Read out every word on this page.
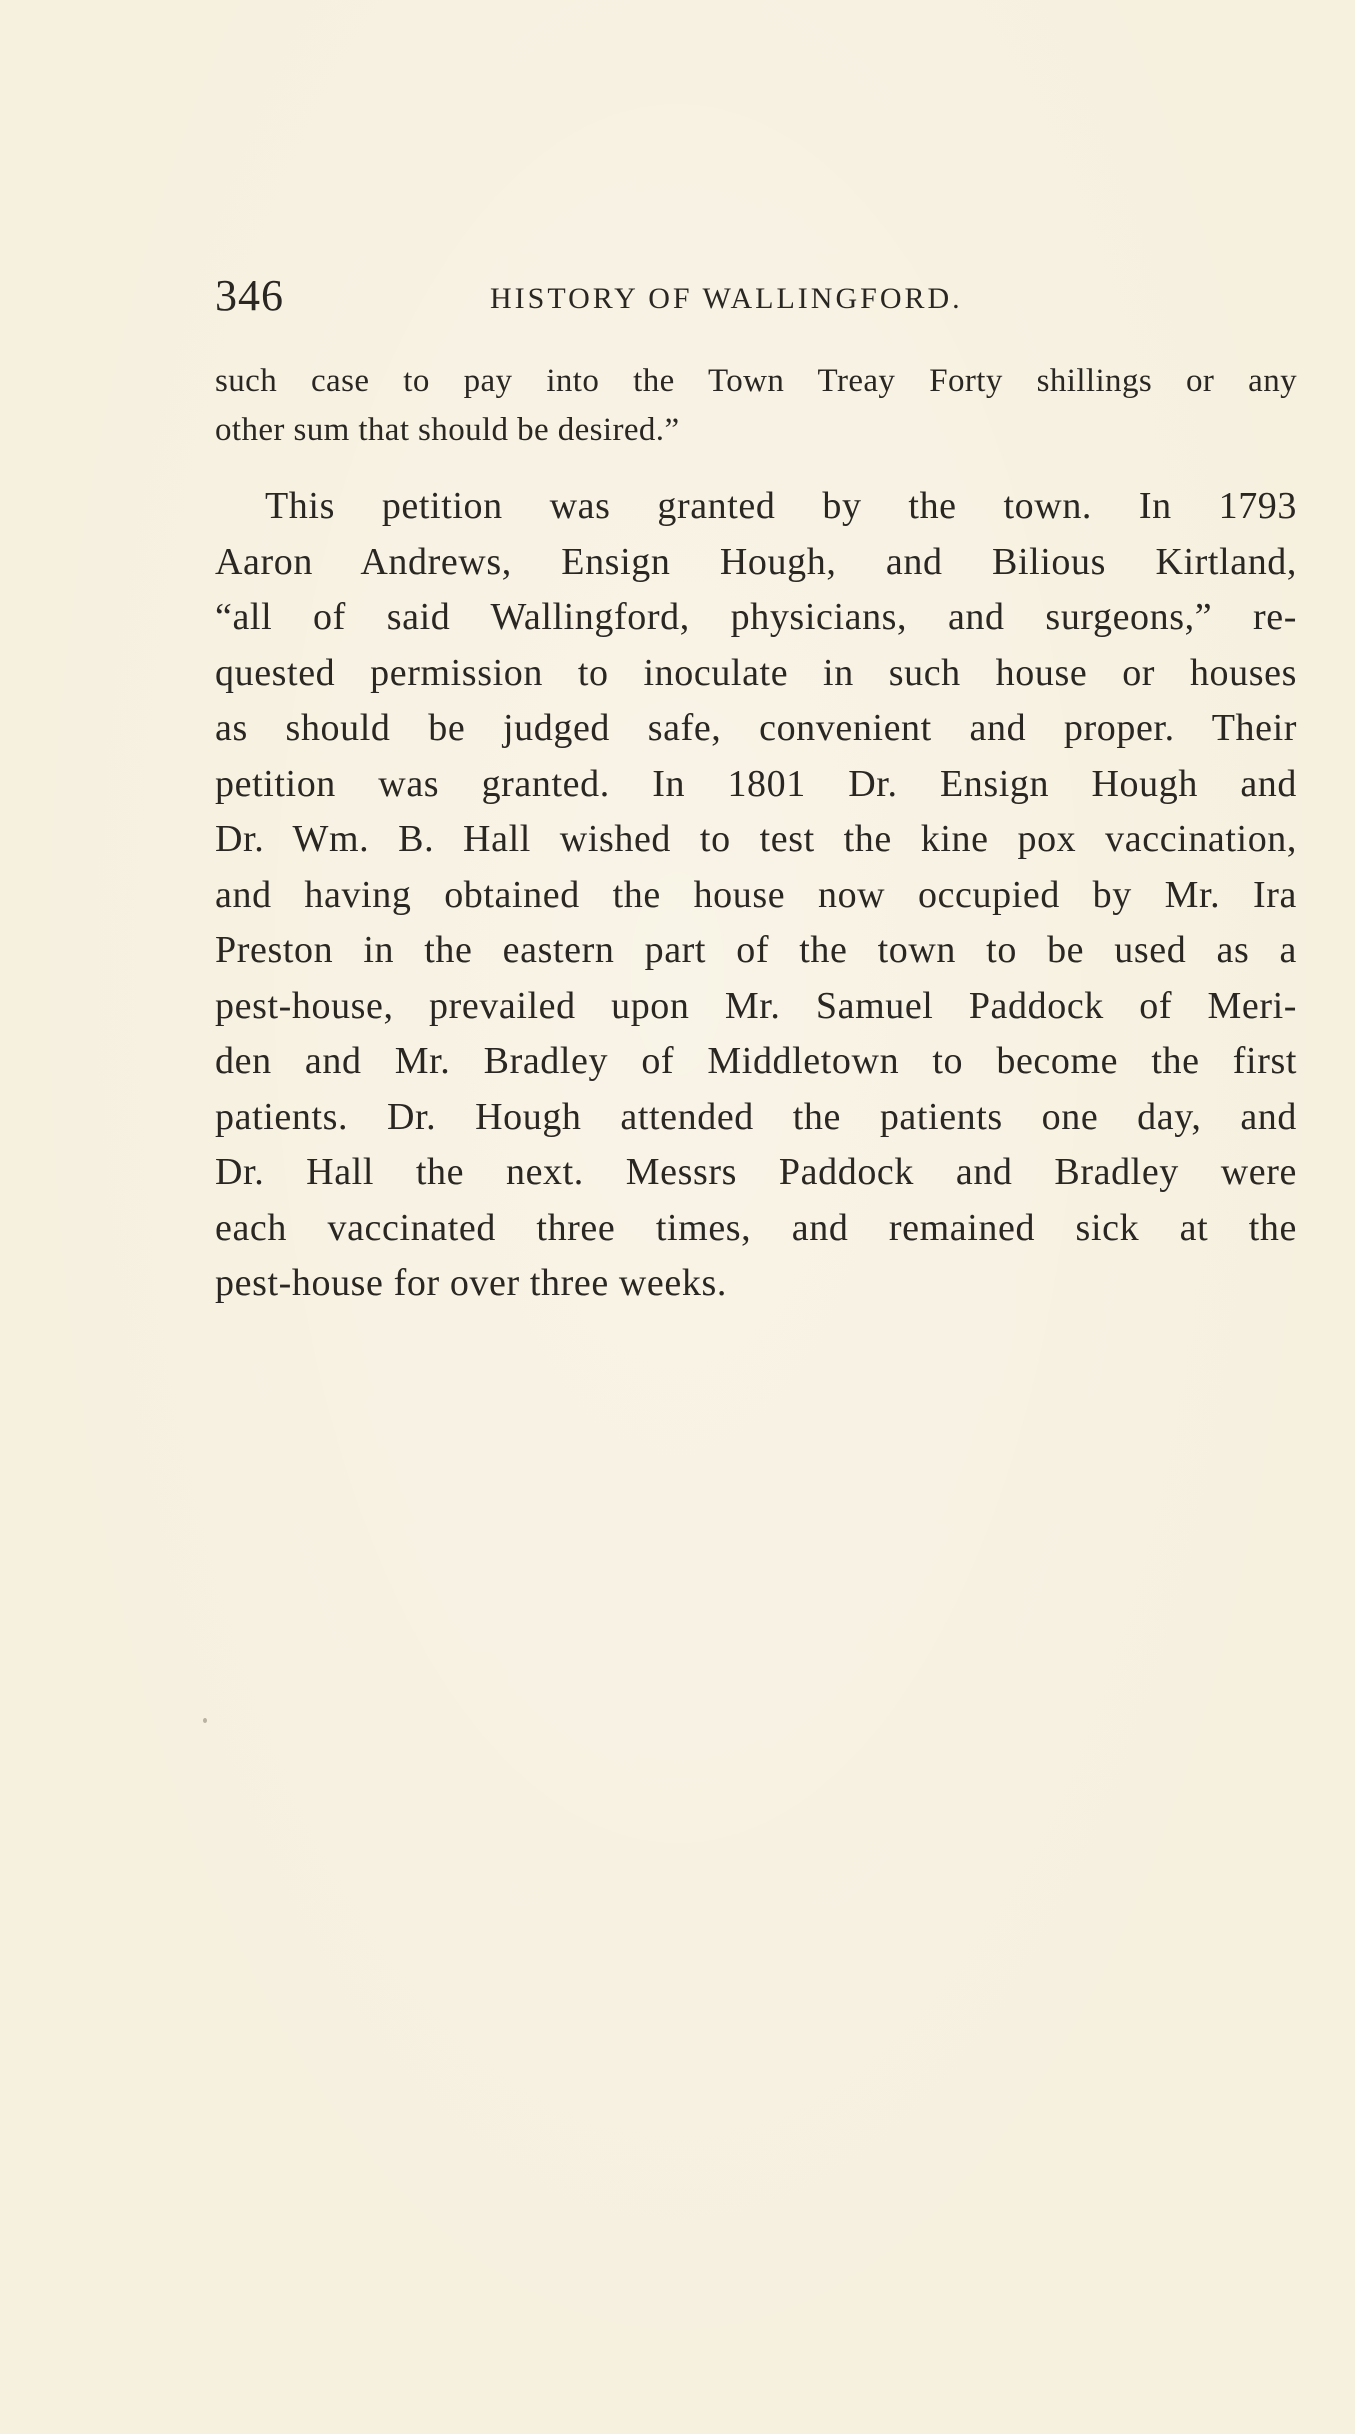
346	HISTORY OF WALLINGFORD.
such case to pay into the Town Treay Forty shillings or any
other sum that should be desired.”
This petition was granted by the town. In 1793
Aaron Andrews, Ensign Hough, and Bilious Kirtland,
“all of said Wallingford, physicians, and surgeons,” re-
quested permission to inoculate in such house or houses
as should be judged safe, convenient and proper. Their
petition was granted. In 1801 Dr. Ensign Hough and
Dr. Wm. B. Hall wished to test the kine pox vaccination,
and having obtained the house now occupied by Mr. Ira
Preston in the eastern part of the town to be used as a
pest-house, prevailed upon Mr. Samuel Paddock of Meri-
den and Mr. Bradley of Middletown to become the first
patients. Dr. Hough attended the patients one day, and
Dr. Hall the next. Messrs Paddock and Bradley were
each vaccinated three times, and remained sick at the
pest-house for over three weeks.
